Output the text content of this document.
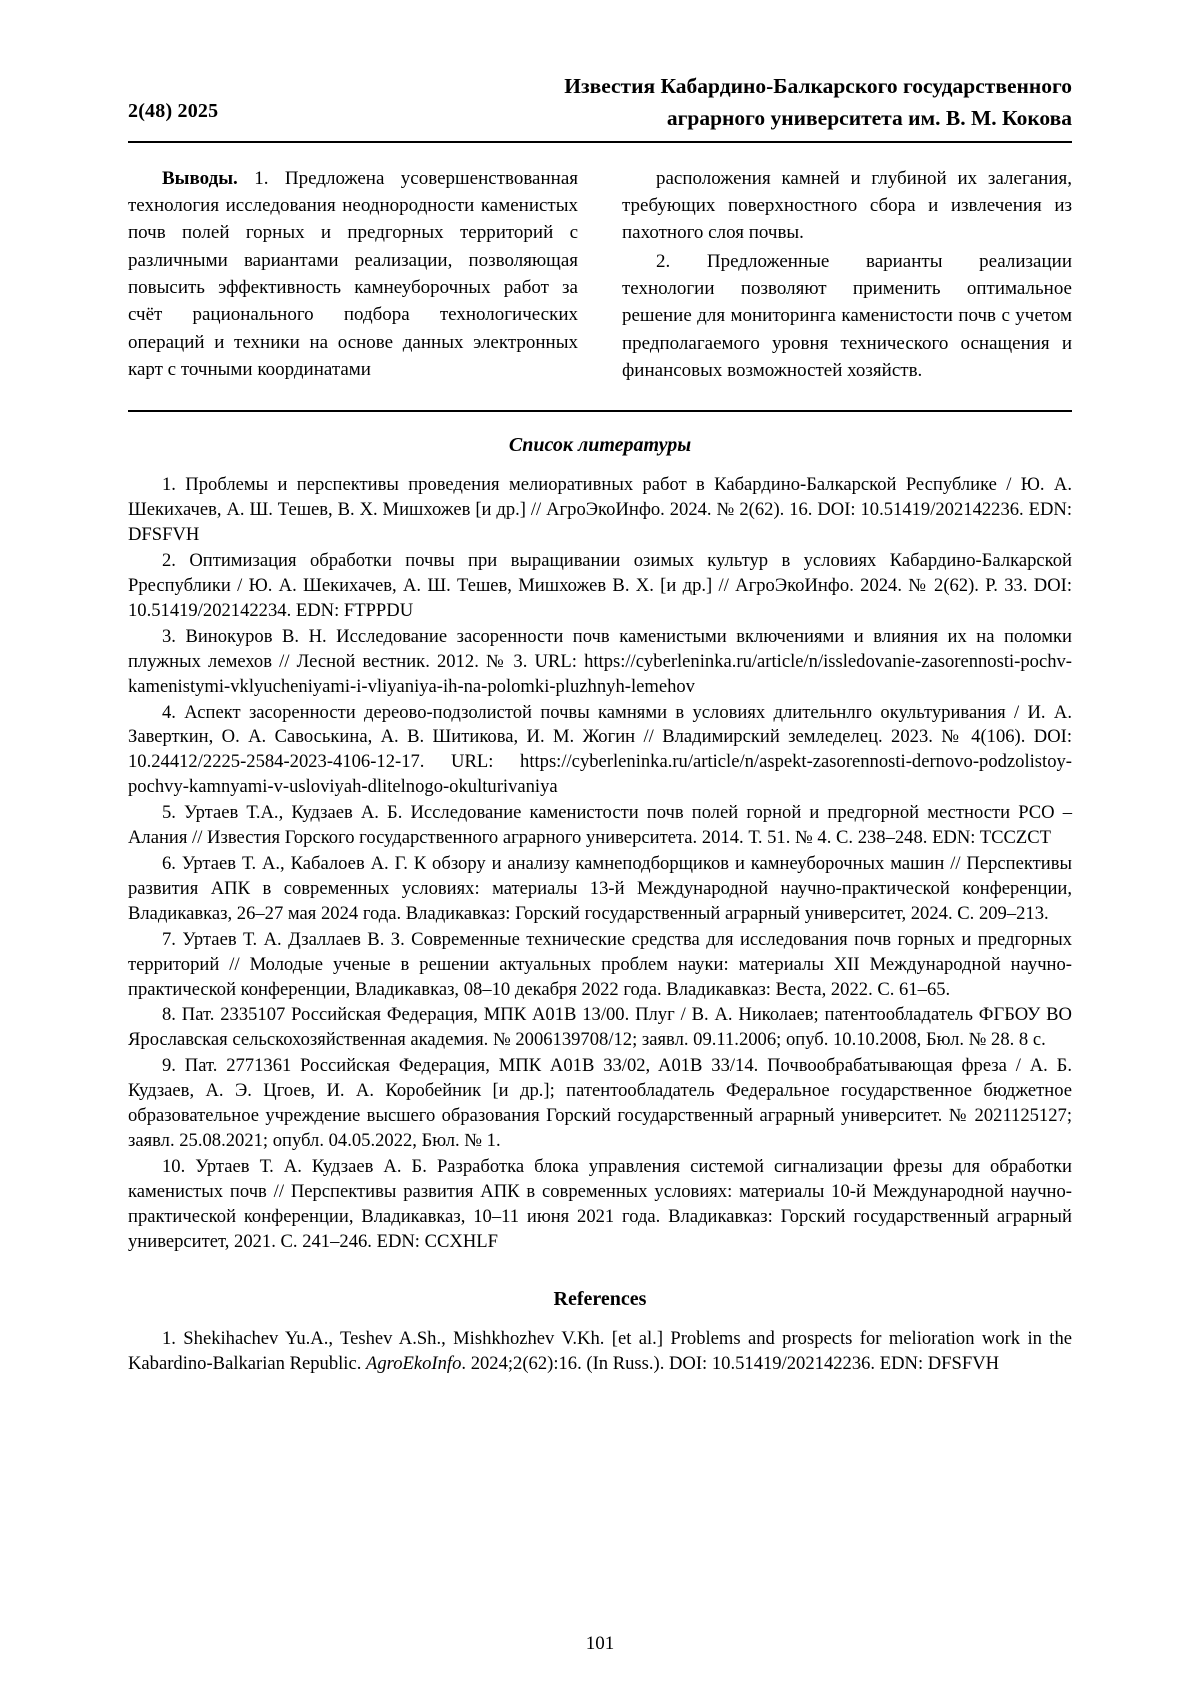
2(48) 2025
Известия Кабардино-Балкарского государственного
аграрного университета им. В. М. Кокова

Выводы. 1. Предложена усовершенствованная технология исследования неоднородности каменистых почв полей горных и предгорных территорий с различными вариантами реализации, позволяющая повысить эффективность камнеуборочных работ за счёт рационального подбора технологических операций и техники на основе данных электронных карт с точными координатами

расположения камней и глубиной их залегания, требующих поверхностного сбора и извлечения из пахотного слоя почвы.

2. Предложенные варианты реализации технологии позволяют применить оптимальное решение для мониторинга каменистости почв с учетом предполагаемого уровня технического оснащения и финансовых возможностей хозяйств.

Список литературы

1. Проблемы и перспективы проведения мелиоративных работ в Кабардино-Балкарской Республике / Ю. А. Шекихачев, А. Ш. Тешев, В. Х. Мишхожев [и др.] // АгроЭкоИнфо. 2024. № 2(62). 16. DOI: 10.51419/202142236. EDN: DFSFVH

2. Оптимизация обработки почвы при выращивании озимых культур в условиях Кабардино-Балкарской Рреспублики / Ю. А. Шекихачев, А. Ш. Тешев, Мишхожев В. Х. [и др.] // АгроЭкоИнфо. 2024. № 2(62). Р. 33. DOI: 10.51419/202142234. EDN: FTPPDU

3. Винокуров В. Н. Исследование засоренности почв каменистыми включениями и влияния их на поломки плужных лемехов // Лесной вестник. 2012. № 3. URL: https://cyberleninka.ru/article/n/issledovanie-zasorennosti-pochv-kamenistymi-vklyucheniyami-i-vliyaniya-ih-na-polomki-pluzhnyh-lemehov

4. Аспект засоренности дереово-подзолистой почвы камнями в условиях длительнлго окультуривания / И. А. Заверткин, О. А. Савоськина, А. В. Шитикова, И. М. Жогин // Владимирский земледелец. 2023. № 4(106). DOI: 10.24412/2225-2584-2023-4106-12-17. URL: https://cyberleninka.ru/article/n/aspekt-zasorennosti-dernovo-podzolistoy-pochvy-kamnyami-v-usloviyah-dlitelnogo-okulturivaniya

5. Уртаев Т.А., Кудзаев А. Б. Исследование каменистости почв полей горной и предгорной местности РСО – Алания // Известия Горского государственного аграрного университета. 2014. Т. 51. № 4. С. 238–248. EDN: TCCZCT

6. Уртаев Т. А., Кабалоев А. Г. К обзору и анализу камнеподборщиков и камнеуборочных машин // Перспективы развития АПК в современных условиях: материалы 13-й Международной научно-практической конференции, Владикавказ, 26–27 мая 2024 года. Владикавказ: Горский государственный аграрный университет, 2024. С. 209–213.

7. Уртаев Т. А. Дзаллаев В. З. Современные технические средства для исследования почв горных и предгорных территорий // Молодые ученые в решении актуальных проблем науки: материалы XII Международной научно-практической конференции, Владикавказ, 08–10 декабря 2022 года. Владикавказ: Веста, 2022. С. 61–65.

8. Пат. 2335107 Российская Федерация, МПК A01B 13/00. Плуг / В. А. Николаев; патентообладатель ФГБОУ ВО Ярославская сельскохозяйственная академия. № 2006139708/12; заявл. 09.11.2006; опуб. 10.10.2008, Бюл. № 28. 8 с.

9. Пат. 2771361 Российская Федерация, МПК A01B 33/02, A01B 33/14. Почвообрабатывающая фреза / А. Б. Кудзаев, А. Э. Цгоев, И. А. Коробейник [и др.]; патентообладатель Федеральное государственное бюджетное образовательное учреждение высшего образования Горский государственный аграрный университет. № 2021125127; заявл. 25.08.2021; опубл. 04.05.2022, Бюл. № 1.

10. Уртаев Т. А. Кудзаев А. Б. Разработка блока управления системой сигнализации фрезы для обработки каменистых почв // Перспективы развития АПК в современных условиях: материалы 10-й Международной научно-практической конференции, Владикавказ, 10–11 июня 2021 года. Владикавказ: Горский государственный аграрный университет, 2021. С. 241–246. EDN: CCXHLF

References

1. Shekihachev Yu.A., Teshev A.Sh., Mishkhozhev V.Kh. [et al.] Problems and prospects for melioration work in the Kabardino-Balkarian Republic. AgroEkoInfo. 2024;2(62):16. (In Russ.). DOI: 10.51419/202142236. EDN: DFSFVH

101
